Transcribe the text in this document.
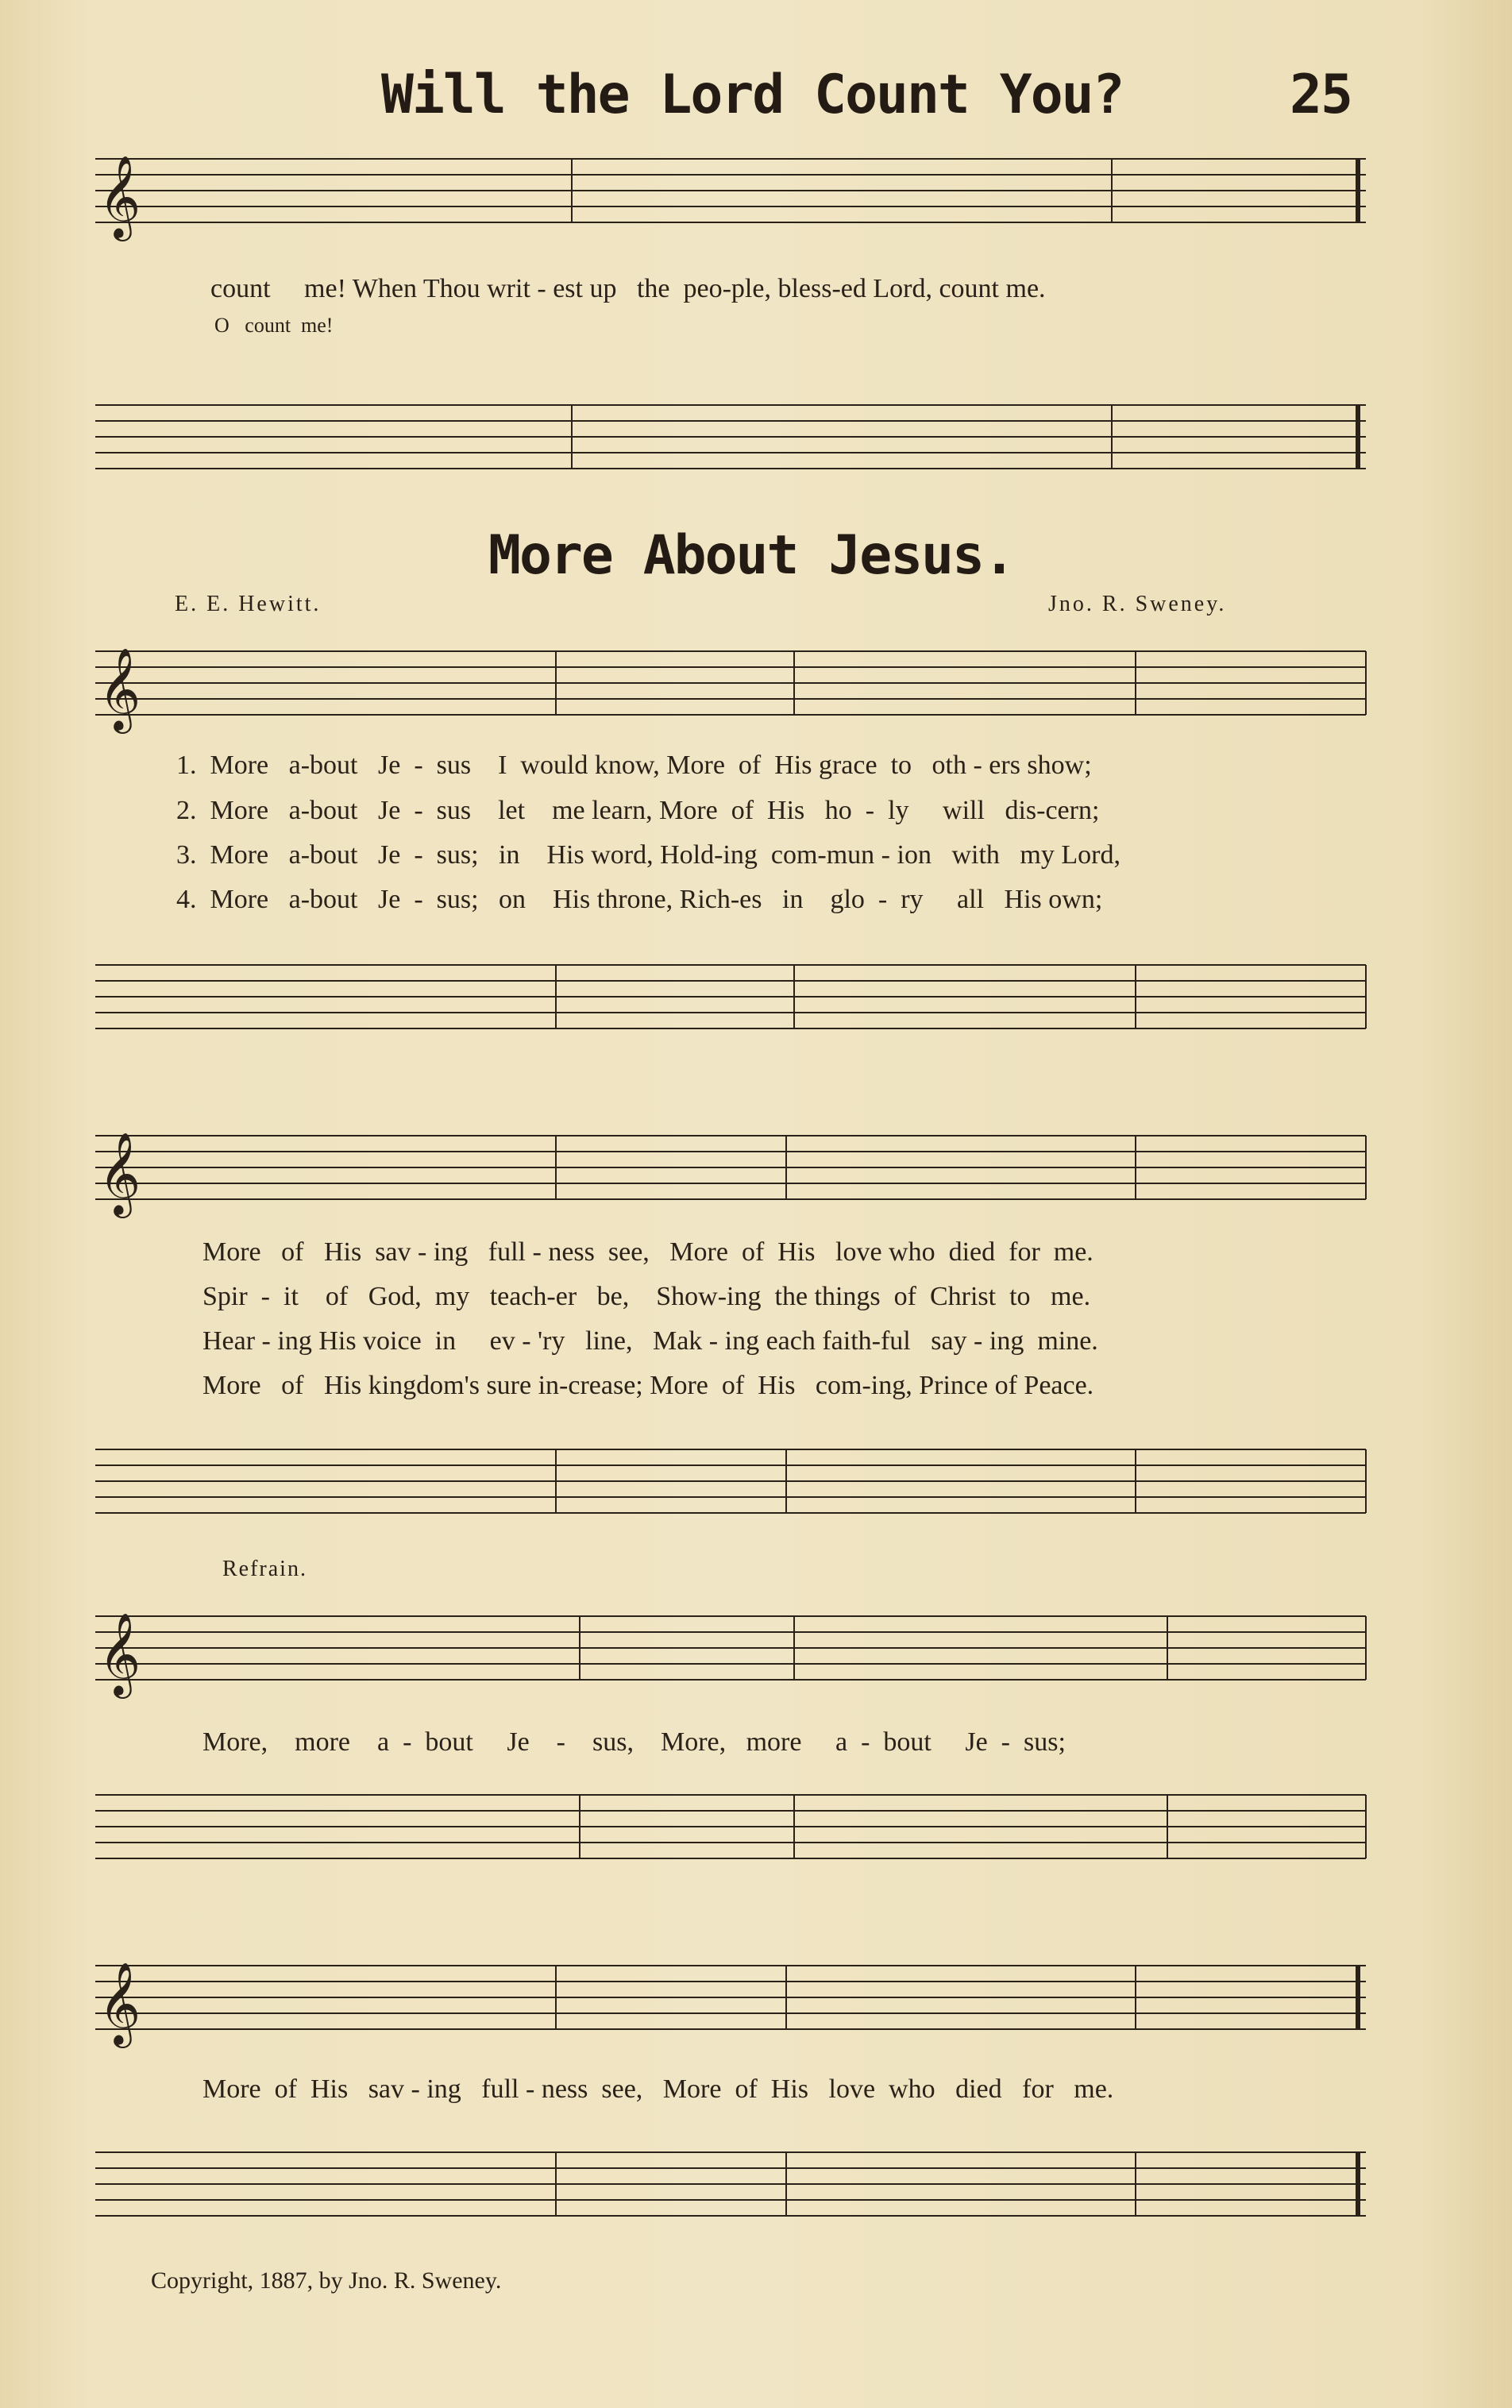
Will the Lord Count You?	25
𝄞
count     me! When Thou writ - est up   the  peo-ple, bless-ed Lord, count me.
O   count  me!
More About Jesus.
E. E. Hewitt.	Jno. R. Sweney.
𝄞
1.  More   a-bout   Je  -  sus    I  would know, More  of  His grace  to   oth - ers show;
2.  More   a-bout   Je  -  sus    let    me learn, More  of  His   ho  -  ly     will   dis-cern;
3.  More   a-bout   Je  -  sus;   in    His word, Hold-ing  com-mun - ion   with   my Lord,
4.  More   a-bout   Je  -  sus;   on    His throne, Rich-es   in    glo  -  ry     all   His own;
𝄞
More   of   His  sav - ing   full - ness  see,   More  of  His   love who  died  for  me.
Spir  -  it    of   God,  my   teach-er   be,    Show-ing  the things  of  Christ  to   me.
Hear - ing His voice  in     ev - 'ry   line,   Mak - ing each faith-ful   say - ing  mine.
More   of   His kingdom's sure in-crease; More  of  His   com-ing, Prince of Peace.
Refrain.
𝄞
More,    more    a  -  bout     Je    -    sus,    More,   more     a  -  bout     Je  -  sus;
𝄞
More  of  His   sav - ing   full - ness  see,   More  of  His   love  who   died   for   me.
Copyright, 1887, by Jno. R. Sweney.
